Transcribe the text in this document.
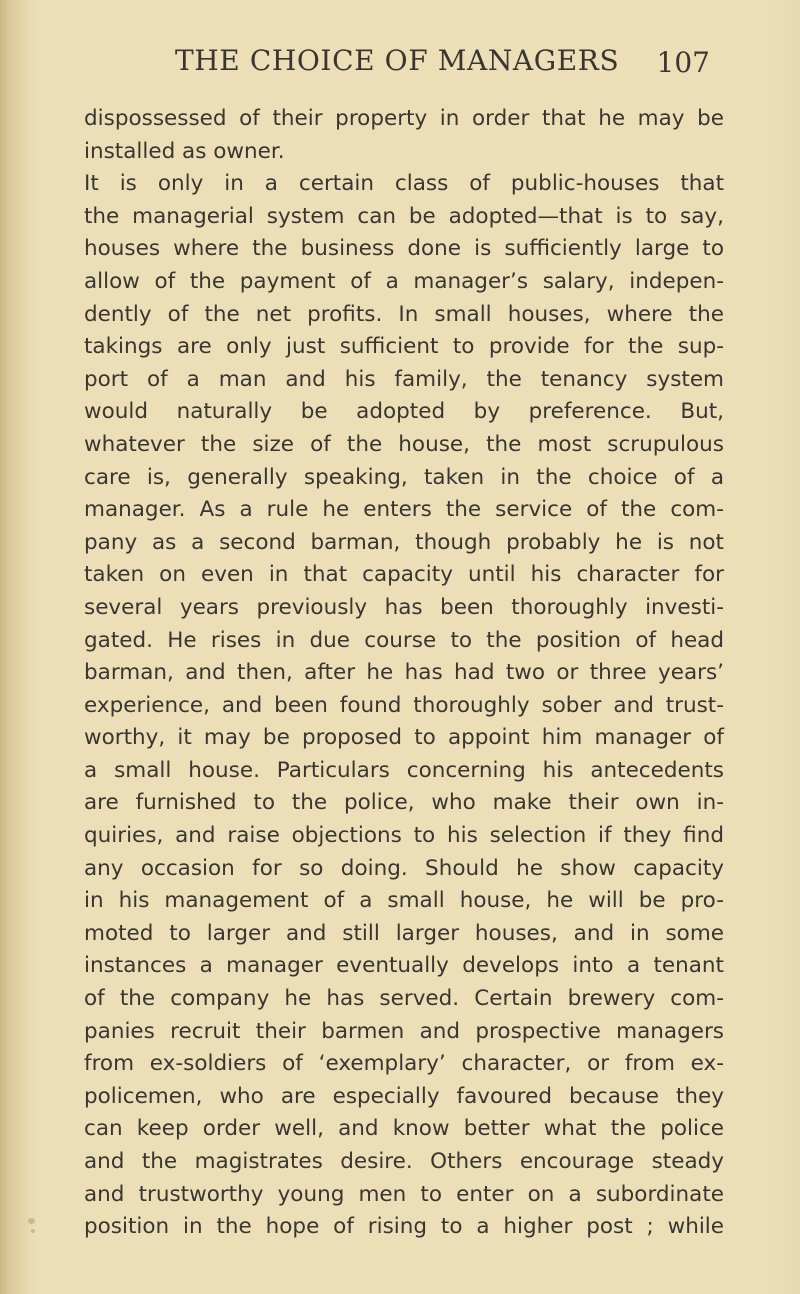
THE CHOICE OF MANAGERS 107
dispossessed of their property in order that he may be
installed as owner.
It is only in a certain class of public-houses that
the managerial system can be adopted—that is to say,
houses where the business done is sufficiently large to
allow of the payment of a manager’s salary, indepen-
dently of the net profits. In small houses, where the
takings are only just sufficient to provide for the sup-
port of a man and his family, the tenancy system
would naturally be adopted by preference. But,
whatever the size of the house, the most scrupulous
care is, generally speaking, taken in the choice of a
manager. As a rule he enters the service of the com-
pany as a second barman, though probably he is not
taken on even in that capacity until his character for
several years previously has been thoroughly investi-
gated. He rises in due course to the position of head
barman, and then, after he has had two or three years’
experience, and been found thoroughly sober and trust-
worthy, it may be proposed to appoint him manager of
a small house. Particulars concerning his antecedents
are furnished to the police, who make their own in-
quiries, and raise objections to his selection if they find
any occasion for so doing. Should he show capacity
in his management of a small house, he will be pro-
moted to larger and still larger houses, and in some
instances a manager eventually develops into a tenant
of the company he has served. Certain brewery com-
panies recruit their barmen and prospective managers
from ex-soldiers of ‘exemplary’ character, or from ex-
policemen, who are especially favoured because they
can keep order well, and know better what the police
and the magistrates desire. Others encourage steady
and trustworthy young men to enter on a subordinate
position in the hope of rising to a higher post ; while
